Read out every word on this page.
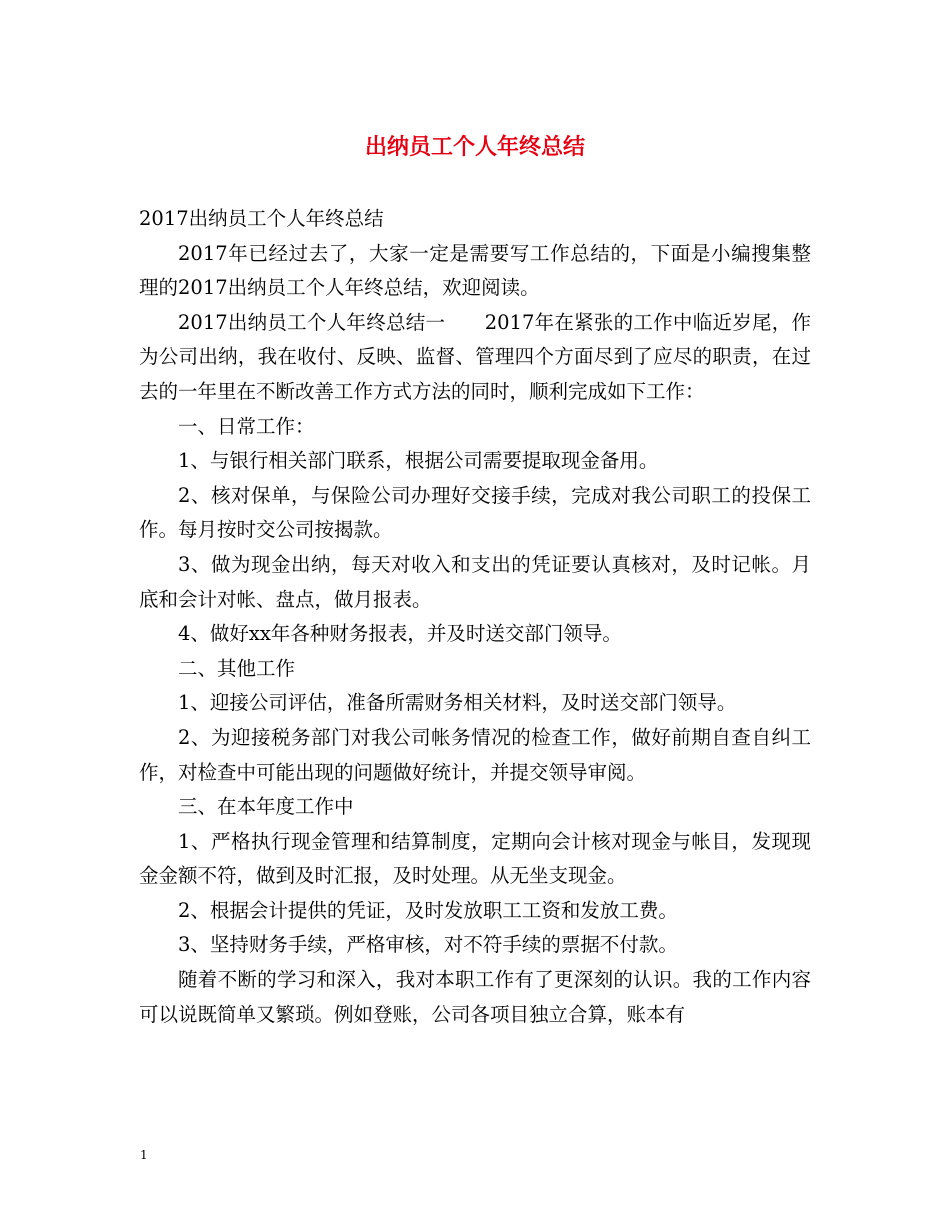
出纳员工个人年终总结

2017出纳员工个人年终总结

2017年已经过去了，大家一定是需要写工作总结的，下面是小编搜集整理的2017出纳员工个人年终总结，欢迎阅读。

2017出纳员工个人年终总结一　　2017年在紧张的工作中临近岁尾，作为公司出纳，我在收付、反映、监督、管理四个方面尽到了应尽的职责，在过去的一年里在不断改善工作方式方法的同时，顺利完成如下工作：

一、日常工作：

1、与银行相关部门联系，根据公司需要提取现金备用。

2、核对保单，与保险公司办理好交接手续，完成对我公司职工的投保工作。每月按时交公司按揭款。

3、做为现金出纳，每天对收入和支出的凭证要认真核对，及时记帐。月底和会计对帐、盘点，做月报表。

4、做好xx年各种财务报表，并及时送交部门领导。

二、其他工作

1、迎接公司评估，准备所需财务相关材料，及时送交部门领导。

2、为迎接税务部门对我公司帐务情况的检查工作，做好前期自查自纠工作，对检查中可能出现的问题做好统计，并提交领导审阅。

三、在本年度工作中

1、严格执行现金管理和结算制度，定期向会计核对现金与帐目，发现现金金额不符，做到及时汇报，及时处理。从无坐支现金。

2、根据会计提供的凭证，及时发放职工工资和发放工费。

3、坚持财务手续，严格审核，对不符手续的票据不付款。

随着不断的学习和深入，我对本职工作有了更深刻的认识。我的工作内容可以说既简单又繁琐。例如登账，公司各项目独立合算，账本有

1
